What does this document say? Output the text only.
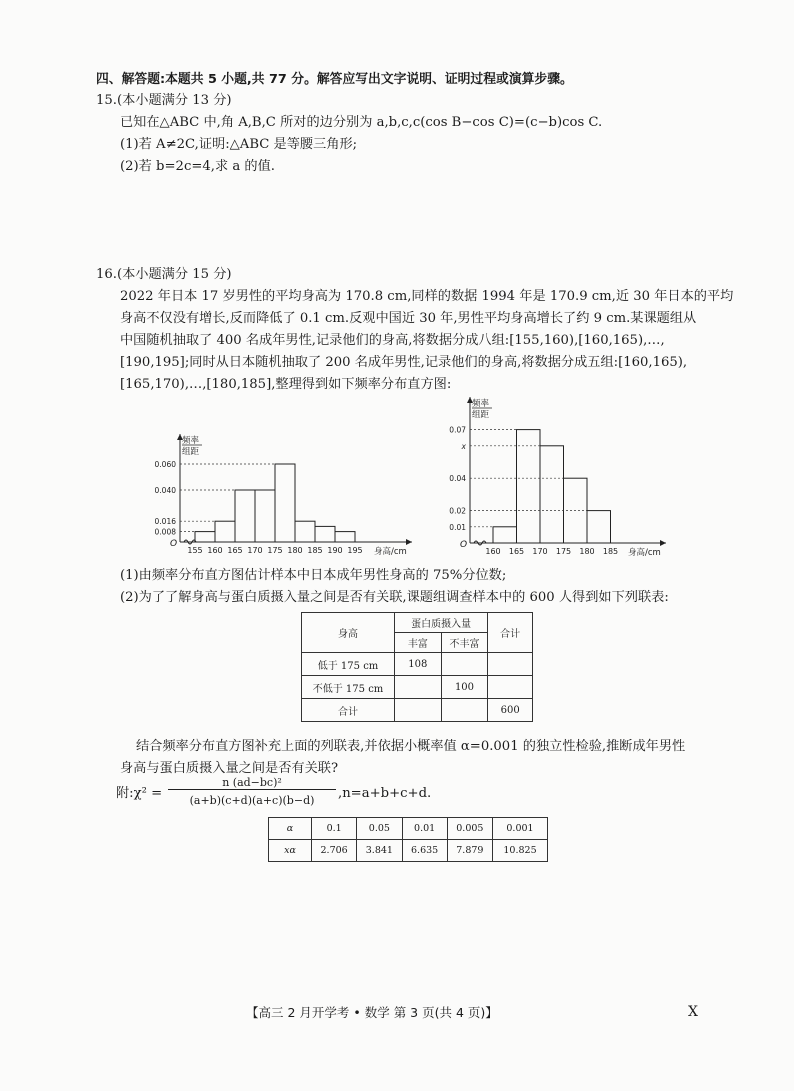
四、解答题:本题共 5 小题,共 77 分。解答应写出文字说明、证明过程或演算步骤。
15.(本小题满分 13 分)
已知在△ABC 中,角 A,B,C 所对的边分别为 a,b,c,c(cos B−cos C)=(c−b)cos C.
(1)若 A≠2C,证明:△ABC 是等腰三角形;
(2)若 b=2c=4,求 a 的值.
16.(本小题满分 15 分)
2022 年日本 17 岁男性的平均身高为 170.8 cm,同样的数据 1994 年是 170.9 cm,近 30 年日本的平均
身高不仅没有增长,反而降低了 0.1 cm.反观中国近 30 年,男性平均身高增长了约 9 cm.某课题组从
中国随机抽取了 400 名成年男性,记录他们的身高,将数据分成八组:[155,160),[160,165),…,
[190,195];同时从日本随机抽取了 200 名成年男性,记录他们的身高,将数据分成五组:[160,165),
[165,170),…,[180,185],整理得到如下频率分布直方图:
O
频率
组距
0.060
0.040
0.016
0.008
155 160 165 170 175 180 185 190 195 身高/cm
O
频率
组距
0.07
x
0.04
0.02
0.01
160 165 170 175 180 185 身高/cm
(1)由频率分布直方图估计样本中日本成年男性身高的 75%分位数;
(2)为了了解身高与蛋白质摄入量之间是否有关联,课题组调查样本中的 600 人得到如下列联表:
身高	蛋白质摄入量		合计
	丰富	不丰富	
低于 175 cm	108		
不低于 175 cm		100	
合计			600
结合频率分布直方图补充上面的列联表,并依据小概率值 α=0.001 的独立性检验,推断成年男性
身高与蛋白质摄入量之间是否有关联?
附:χ² =
n (ad−bc)²
(a+b)(c+d)(a+c)(b−d)	,n=a+b+c+d.
α	0.1	0.05	0.01	0.005	0.001
xα	2.706	3.841	6.635	7.879	10.825
【高三 2 月开学考 • 数学 第 3 页(共 4 页)】	X
